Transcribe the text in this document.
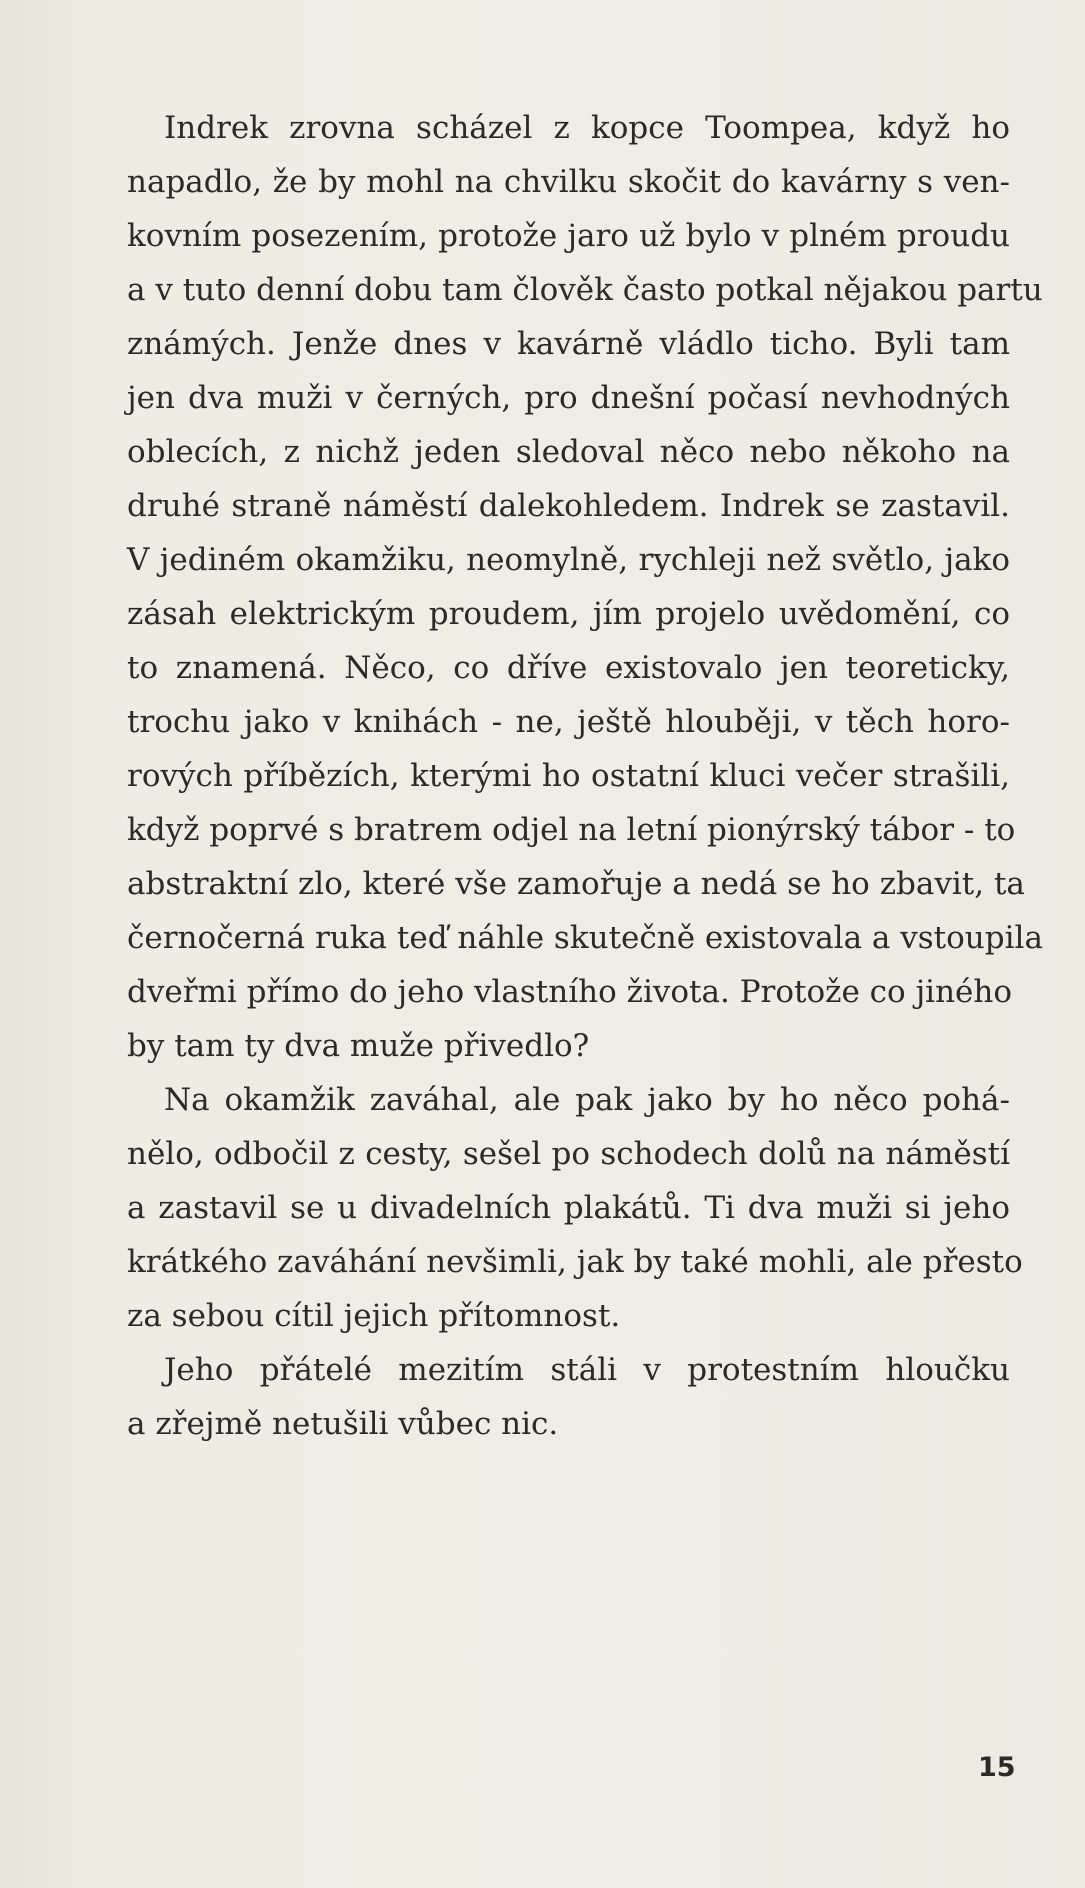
Indrek zrovna scházel z kopce Toompea, když ho
napadlo, že by mohl na chvilku skočit do kavárny s ven-
kovním posezením, protože jaro už bylo v plném proudu
a v tuto denní dobu tam člověk často potkal nějakou partu
známých. Jenže dnes v kavárně vládlo ticho. Byli tam
jen dva muži v černých, pro dnešní počasí nevhodných
oblecích, z nichž jeden sledoval něco nebo někoho na
druhé straně náměstí dalekohledem. Indrek se zastavil.
V jediném okamžiku, neomylně, rychleji než světlo, jako
zásah elektrickým proudem, jím projelo uvědomění, co
to znamená. Něco, co dříve existovalo jen teoreticky,
trochu jako v knihách - ne, ještě hlouběji, v těch horo-
rových příbězích, kterými ho ostatní kluci večer strašili,
když poprvé s bratrem odjel na letní pionýrský tábor - to
abstraktní zlo, které vše zamořuje a nedá se ho zbavit, ta
černočerná ruka teď náhle skutečně existovala a vstoupila
dveřmi přímo do jeho vlastního života. Protože co jiného
by tam ty dva muže přivedlo?
Na okamžik zaváhal, ale pak jako by ho něco pohá-
nělo, odbočil z cesty, sešel po schodech dolů na náměstí
a zastavil se u divadelních plakátů. Ti dva muži si jeho
krátkého zaváhání nevšimli, jak by také mohli, ale přesto
za sebou cítil jejich přítomnost.
Jeho přátelé mezitím stáli v protestním hloučku
a zřejmě netušili vůbec nic.
15
